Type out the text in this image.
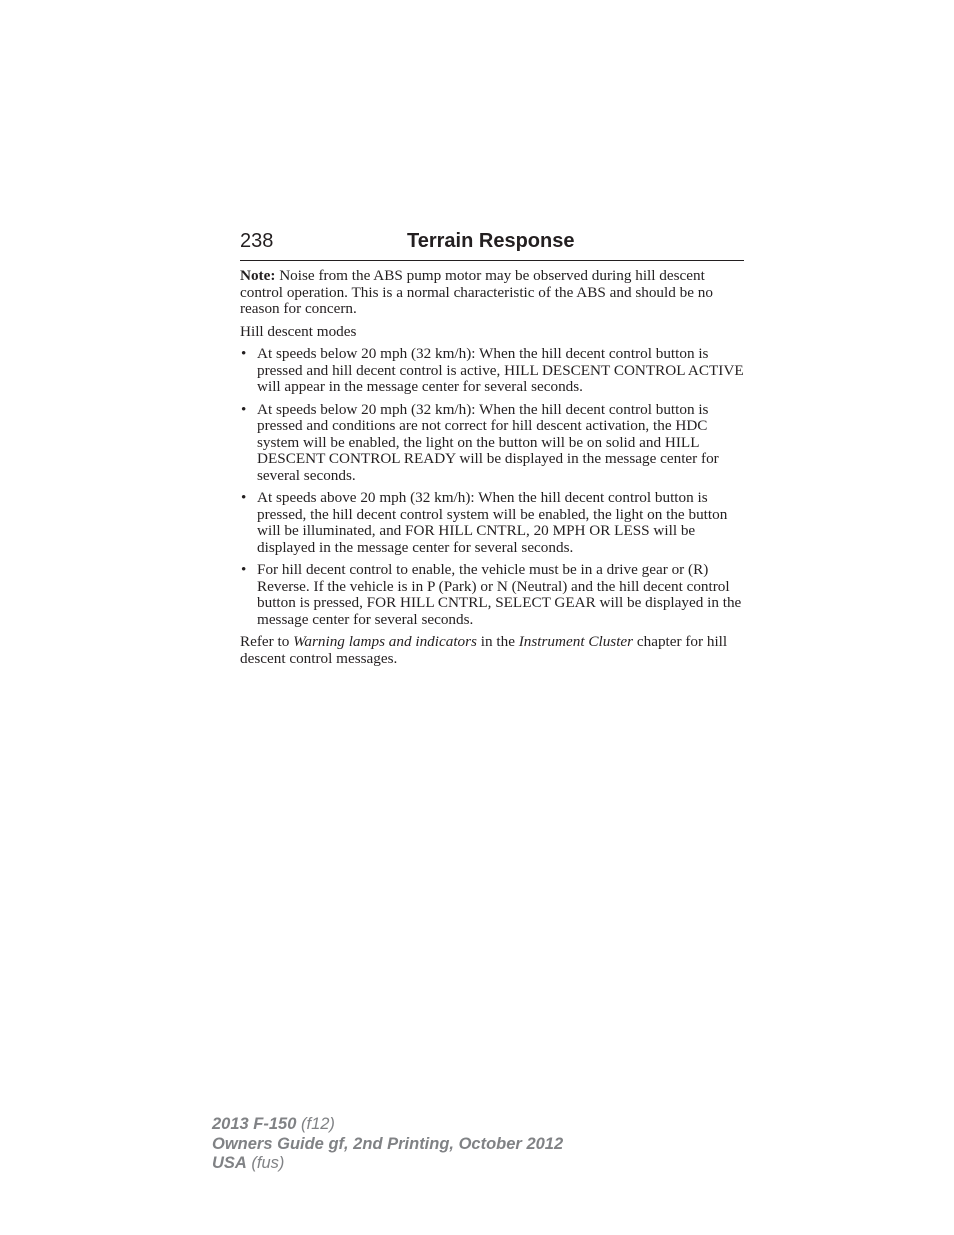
238	Terrain Response

Note: Noise from the ABS pump motor may be observed during hill descent control operation. This is a normal characteristic of the ABS and should be no reason for concern.

Hill descent modes

• At speeds below 20 mph (32 km/h): When the hill decent control button is pressed and hill decent control is active, HILL DESCENT CONTROL ACTIVE will appear in the message center for several seconds.
• At speeds below 20 mph (32 km/h): When the hill decent control button is pressed and conditions are not correct for hill descent activation, the HDC system will be enabled, the light on the button will be on solid and HILL DESCENT CONTROL READY will be displayed in the message center for several seconds.
• At speeds above 20 mph (32 km/h): When the hill decent control button is pressed, the hill decent control system will be enabled, the light on the button will be illuminated, and FOR HILL CNTRL, 20 MPH OR LESS will be displayed in the message center for several seconds.
• For hill decent control to enable, the vehicle must be in a drive gear or (R) Reverse. If the vehicle is in P (Park) or N (Neutral) and the hill decent control button is pressed, FOR HILL CNTRL, SELECT GEAR will be displayed in the message center for several seconds.

Refer to Warning lamps and indicators in the Instrument Cluster chapter for hill descent control messages.

2013 F-150 (f12)
Owners Guide gf, 2nd Printing, October 2012
USA (fus)
